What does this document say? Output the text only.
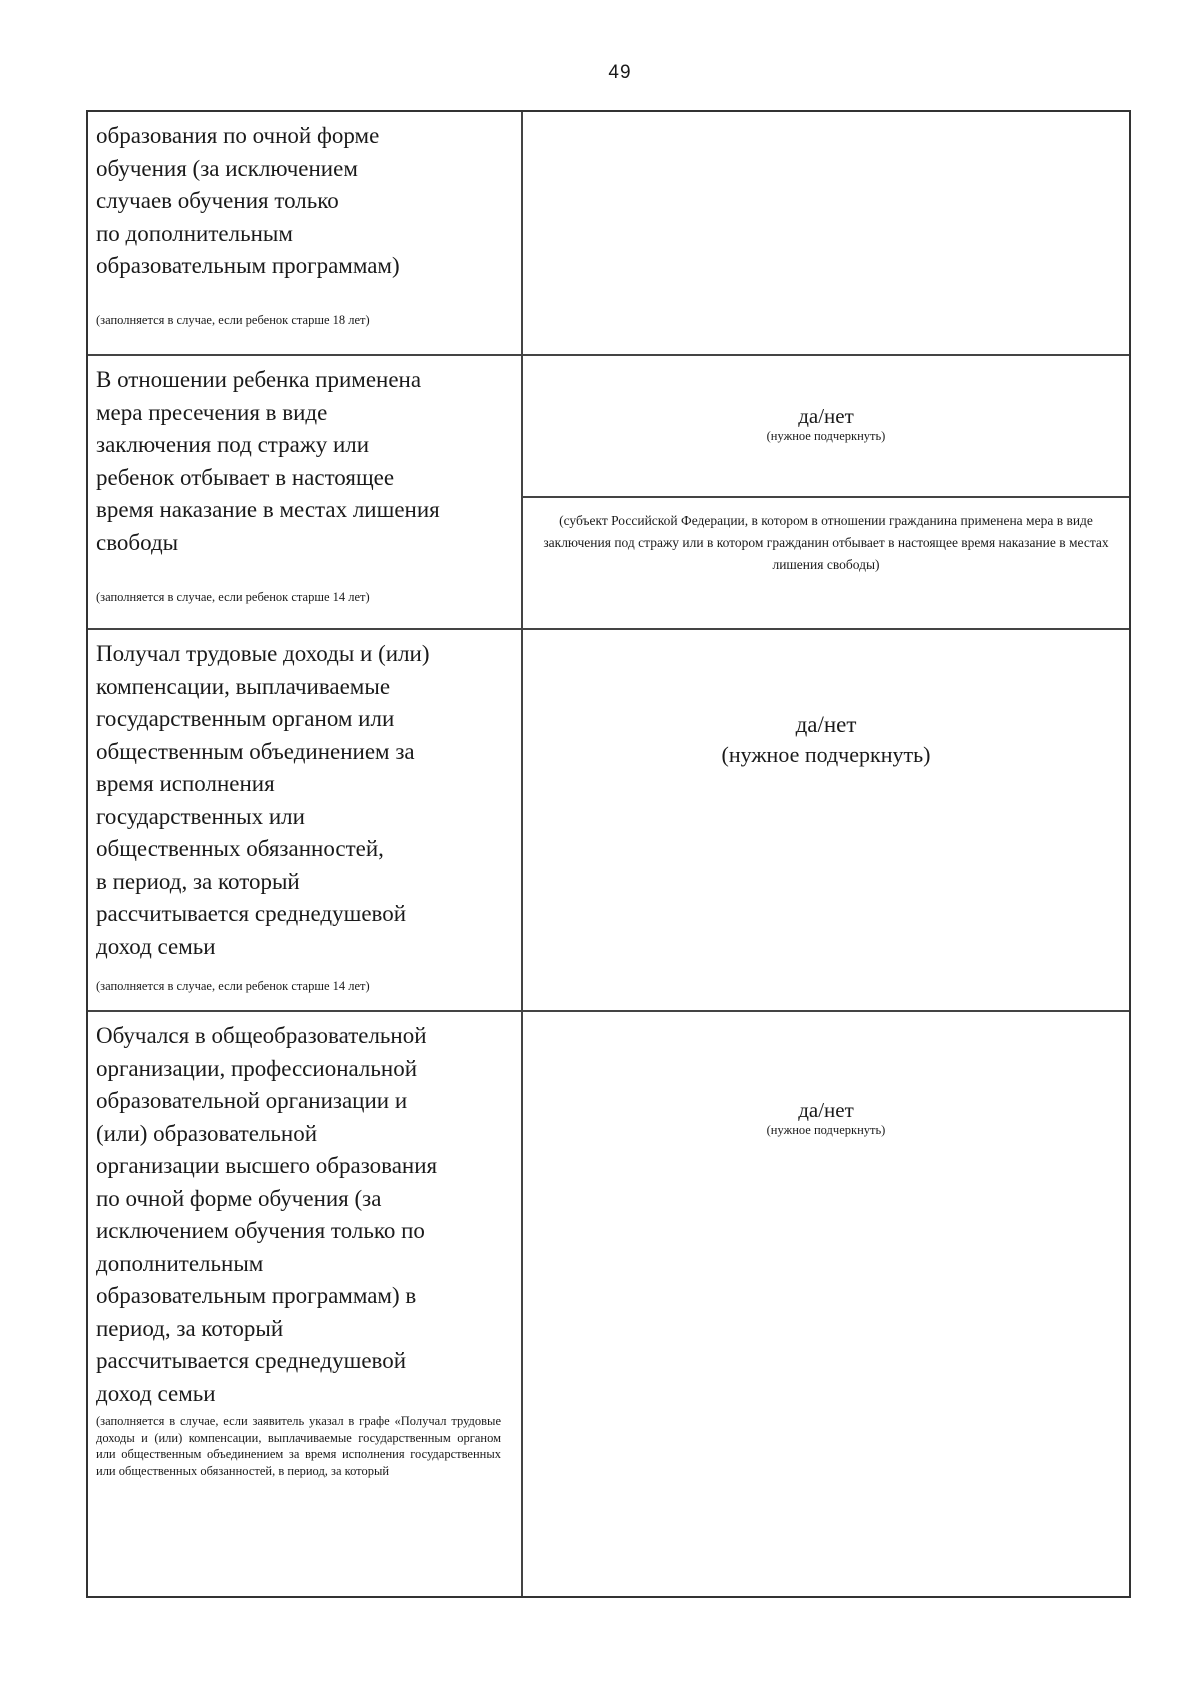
49
образования по очной форме
обучения (за исключением
случаев обучения только
по дополнительным
образовательным программам)
(заполняется в случае, если ребенок старше 18 лет)
В отношении ребенка применена
мера пресечения в виде
заключения под стражу или
ребенок отбывает в настоящее
время наказание в местах лишения
свободы
(заполняется в случае, если ребенок старше 14 лет)
да/нет
(нужное подчеркнуть)
(субъект Российской Федерации, в котором в отношении гражданина применена мера в виде заключения под стражу или в котором гражданин отбывает в настоящее время наказание в местах лишения свободы)
Получал трудовые доходы и (или)
компенсации, выплачиваемые
государственным органом или
общественным объединением за
время исполнения
государственных или
общественных обязанностей,
в период, за который
рассчитывается среднедушевой
доход семьи
(заполняется в случае, если ребенок старше 14 лет)
да/нет
(нужное подчеркнуть)
Обучался в общеобразовательной
организации, профессиональной
образовательной организации и
(или) образовательной
организации высшего образования
по очной форме обучения (за
исключением обучения только по
дополнительным
образовательным программам) в
период, за который
рассчитывается среднедушевой
доход семьи
(заполняется в случае, если заявитель указал в графе «Получал трудовые доходы и (или) компенсации, выплачиваемые государственным органом или общественным объединением за время исполнения государственных или общественных обязанностей, в период, за который
да/нет
(нужное подчеркнуть)
